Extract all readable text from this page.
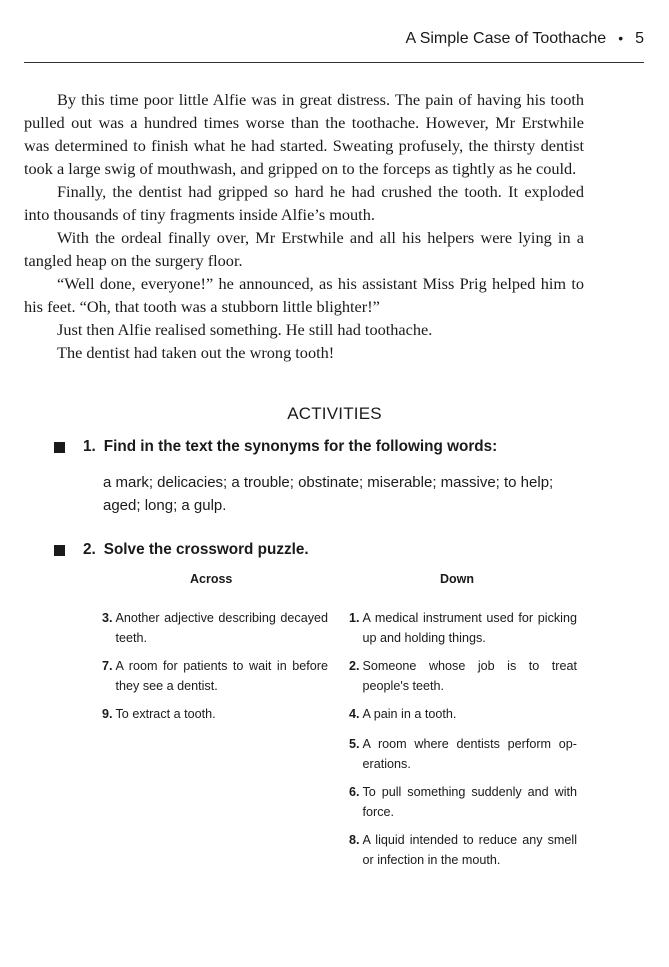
A Simple Case of Toothache • 5

By this time poor little Alfie was in great distress. The pain of having his tooth pulled out was a hundred times worse than the toothache. However, Mr Erstwhile was determined to finish what he had started. Sweating profusely, the thirsty dentist took a large swig of mouthwash, and gripped on to the forceps as tightly as he could.

Finally, the dentist had gripped so hard he had crushed the tooth. It exploded into thousands of tiny fragments inside Alfie’s mouth.

With the ordeal finally over, Mr Erstwhile and all his helpers were lying in a tangled heap on the surgery floor.

“Well done, everyone!” he announced, as his assistant Miss Prig helped him to his feet. “Oh, that tooth was a stubborn little blighter!”

Just then Alfie realised something. He still had toothache.

The dentist had taken out the wrong tooth!

ACTIVITIES
1. Find in the text the synonyms for the following words:
a mark; delicacies; a trouble; obstinate; miserable; massive; to help; aged; long; a gulp.
2. Solve the crossword puzzle.
Across	Down
3. Another adjective describing decayed teeth.
7. A room for patients to wait in before they see a dentist.
9. To extract a tooth.
1. A medical instrument used for picking up and holding things.
2. Someone whose job is to treat people's teeth.
4. A pain in a tooth.
5. A room where dentists perform operations.
6. To pull something suddenly and with force.
8. A liquid intended to reduce any smell or infection in the mouth.
